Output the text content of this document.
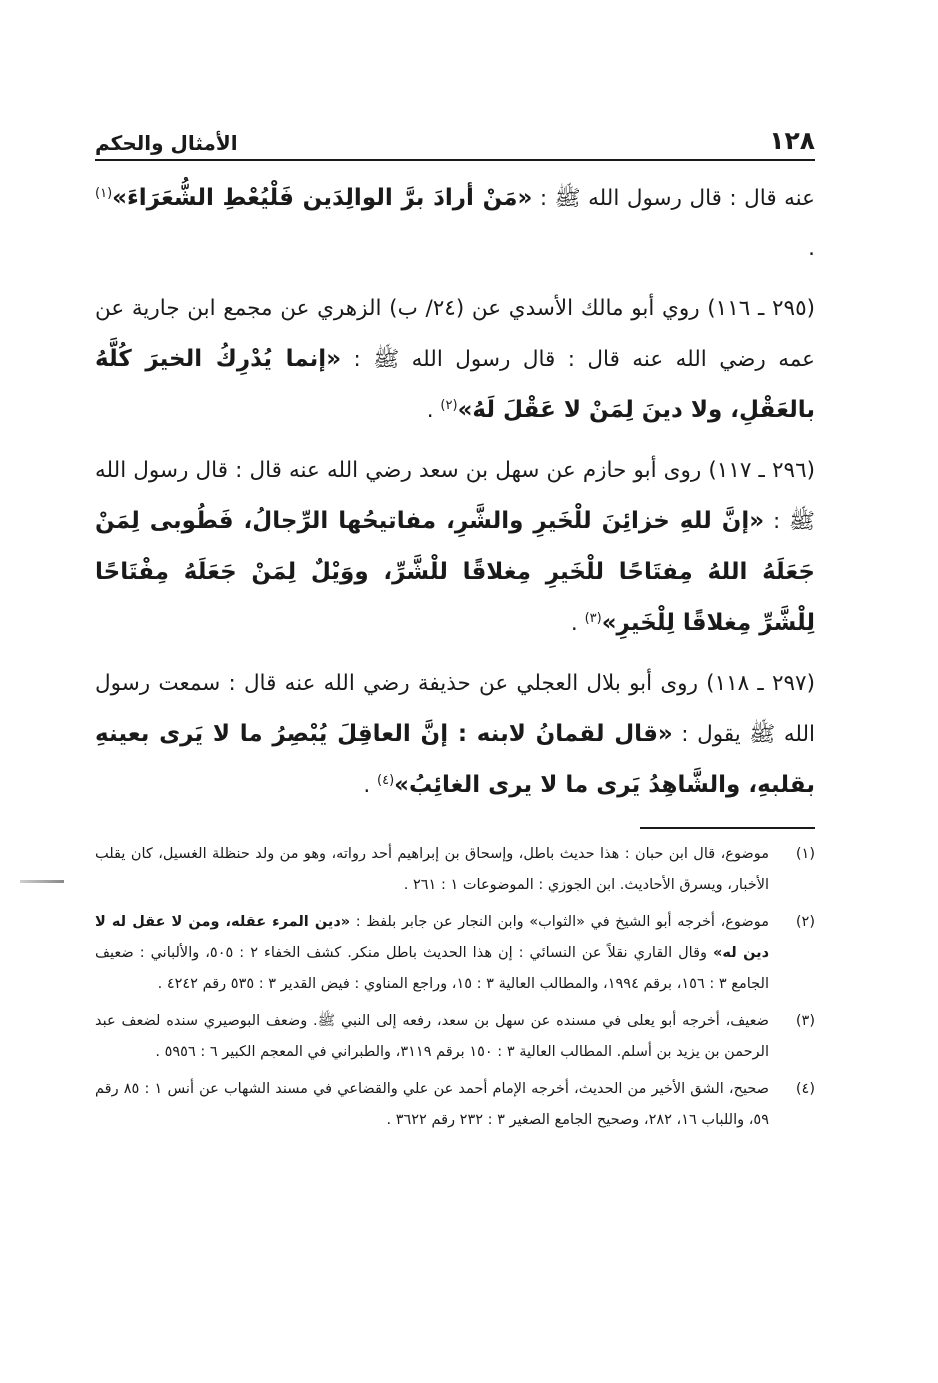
١٢٨
الأمثال والحكم

عنه قال : قال رسول الله ﷺ : «مَنْ أرادَ برَّ الوالِدَين فَلْيُعْطِ الشُّعَرَاءَ»$^{(١)}$ .

(٢٩٥ ـ ١١٦) روي أبو مالك الأسدي عن (٢٤/ ب) الزهري عن مجمع ابن جارية عن عمه رضي الله عنه قال : قال رسول الله ﷺ : «إنما يُدْرِكُ الخيرَ كُلَّهُ بالعَقْلِ، ولا دينَ لِمَنْ لا عَقْلَ لَهُ»$^{(٢)}$ .

(٢٩٦ ـ ١١٧) روى أبو حازم عن سهل بن سعد رضي الله عنه قال : قال رسول الله ﷺ : «إنَّ للهِ خزائِنَ للْخَيرِ والشَّرِ، مفاتيحُها الرِّجالُ، فَطُوبى لِمَنْ جَعَلَهُ اللهُ مِفتَاحًا للْخَيرِ مِغلاقًا للْشَّرِّ، ووَيْلٌ لِمَنْ جَعَلَهُ مِفْتَاحًا لِلْشَّرِّ مِغلاقًا لِلْخَيرِ»$^{(٣)}$ .

(٢٩٧ ـ ١١٨) روى أبو بلال العجلي عن حذيفة رضي الله عنه قال : سمعت رسول الله ﷺ يقول : «قال لقمانُ لابنه : إنَّ العاقِلَ يُبْصِرُ ما لا يَرى بعينهِ بقلبهِ، والشَّاهِدُ يَرى ما لا يرى الغائِبُ»$^{(٤)}$ .

(١)
موضوع، قال ابن حبان : هذا حديث باطل، وإسحاق بن إبراهيم أحد رواته، وهو من ولد حنظلة الغسيل، كان يقلب الأخبار، ويسرق الأحاديث. ابن الجوزي : الموضوعات ١ : ٢٦١ .
(٢)
موضوع، أخرجه أبو الشيخ في «الثواب» وابن النجار عن جابر بلفظ : «دين المرء عقله، ومن لا عقل له لا دين له» وقال القاري نقلاً عن النسائي : إن هذا الحديث باطل منكر. كشف الخفاء ٢ : ٥٠٥، والألباني : ضعيف الجامع ٣ : ١٥٦، برقم ١٩٩٤، والمطالب العالية ٣ : ١٥، وراجع المناوي : فيض القدير ٣ : ٥٣٥ رقم ٤٢٤٢ .
(٣)
ضعيف، أخرجه أبو يعلى في مسنده عن سهل بن سعد، رفعه إلى النبي ﷺ. وضعف البوصيري سنده لضعف عبد الرحمن بن يزيد بن أسلم. المطالب العالية ٣ : ١٥٠ برقم ٣١١٩، والطبراني في المعجم الكبير ٦ : ٥٩٥٦ .
(٤)
صحيح، الشق الأخير من الحديث، أخرجه الإمام أحمد عن علي والقضاعي في مسند الشهاب عن أنس ١ : ٨٥ رقم ٥٩، واللباب ١٦، ٢٨٢، وصحيح الجامع الصغير ٣ : ٢٣٢ رقم ٣٦٢٢ .
